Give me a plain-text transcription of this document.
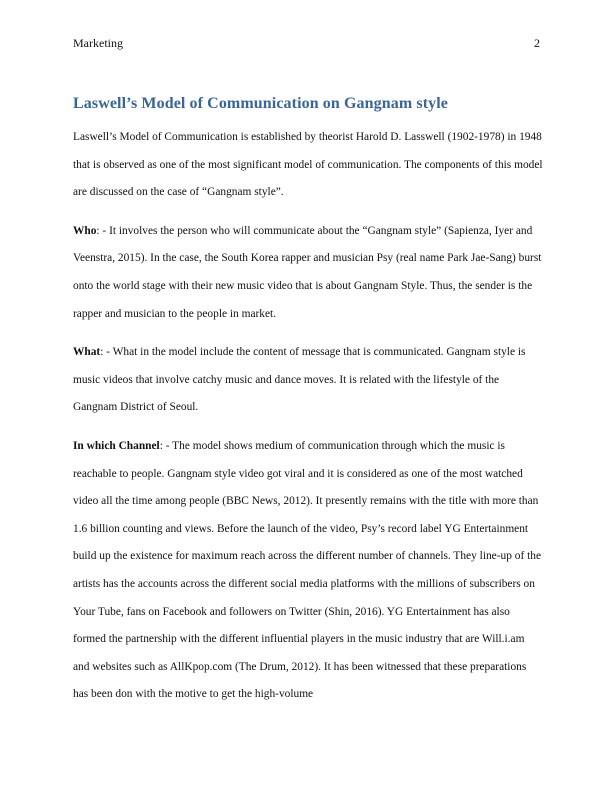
Marketing	2
Laswell’s Model of Communication on Gangnam style

Laswell’s Model of Communication is established by theorist Harold D. Lasswell (1902-1978) in 1948 that is observed as one of the most significant model of communication. The components of this model are discussed on the case of “Gangnam style”.

Who: - It involves the person who will communicate about the “Gangnam style” (Sapienza, Iyer and Veenstra, 2015). In the case, the South Korea rapper and musician Psy (real name Park Jae-Sang) burst onto the world stage with their new music video that is about Gangnam Style. Thus, the sender is the rapper and musician to the people in market.

What: - What in the model include the content of message that is communicated. Gangnam style is music videos that involve catchy music and dance moves. It is related with the lifestyle of the Gangnam District of Seoul.

In which Channel: - The model shows medium of communication through which the music is reachable to people. Gangnam style video got viral and it is considered as one of the most watched video all the time among people (BBC News, 2012). It presently remains with the title with more than 1.6 billion counting and views. Before the launch of the video, Psy’s record label YG Entertainment build up the existence for maximum reach across the different number of channels. They line-up of the artists has the accounts across the different social media platforms with the millions of subscribers on Your Tube, fans on Facebook and followers on Twitter (Shin, 2016). YG Entertainment has also formed the partnership with the different influential players in the music industry that are Will.i.am and websites such as AllKpop.com (The Drum, 2012). It has been witnessed that these preparations has been don with the motive to get the high-volume
